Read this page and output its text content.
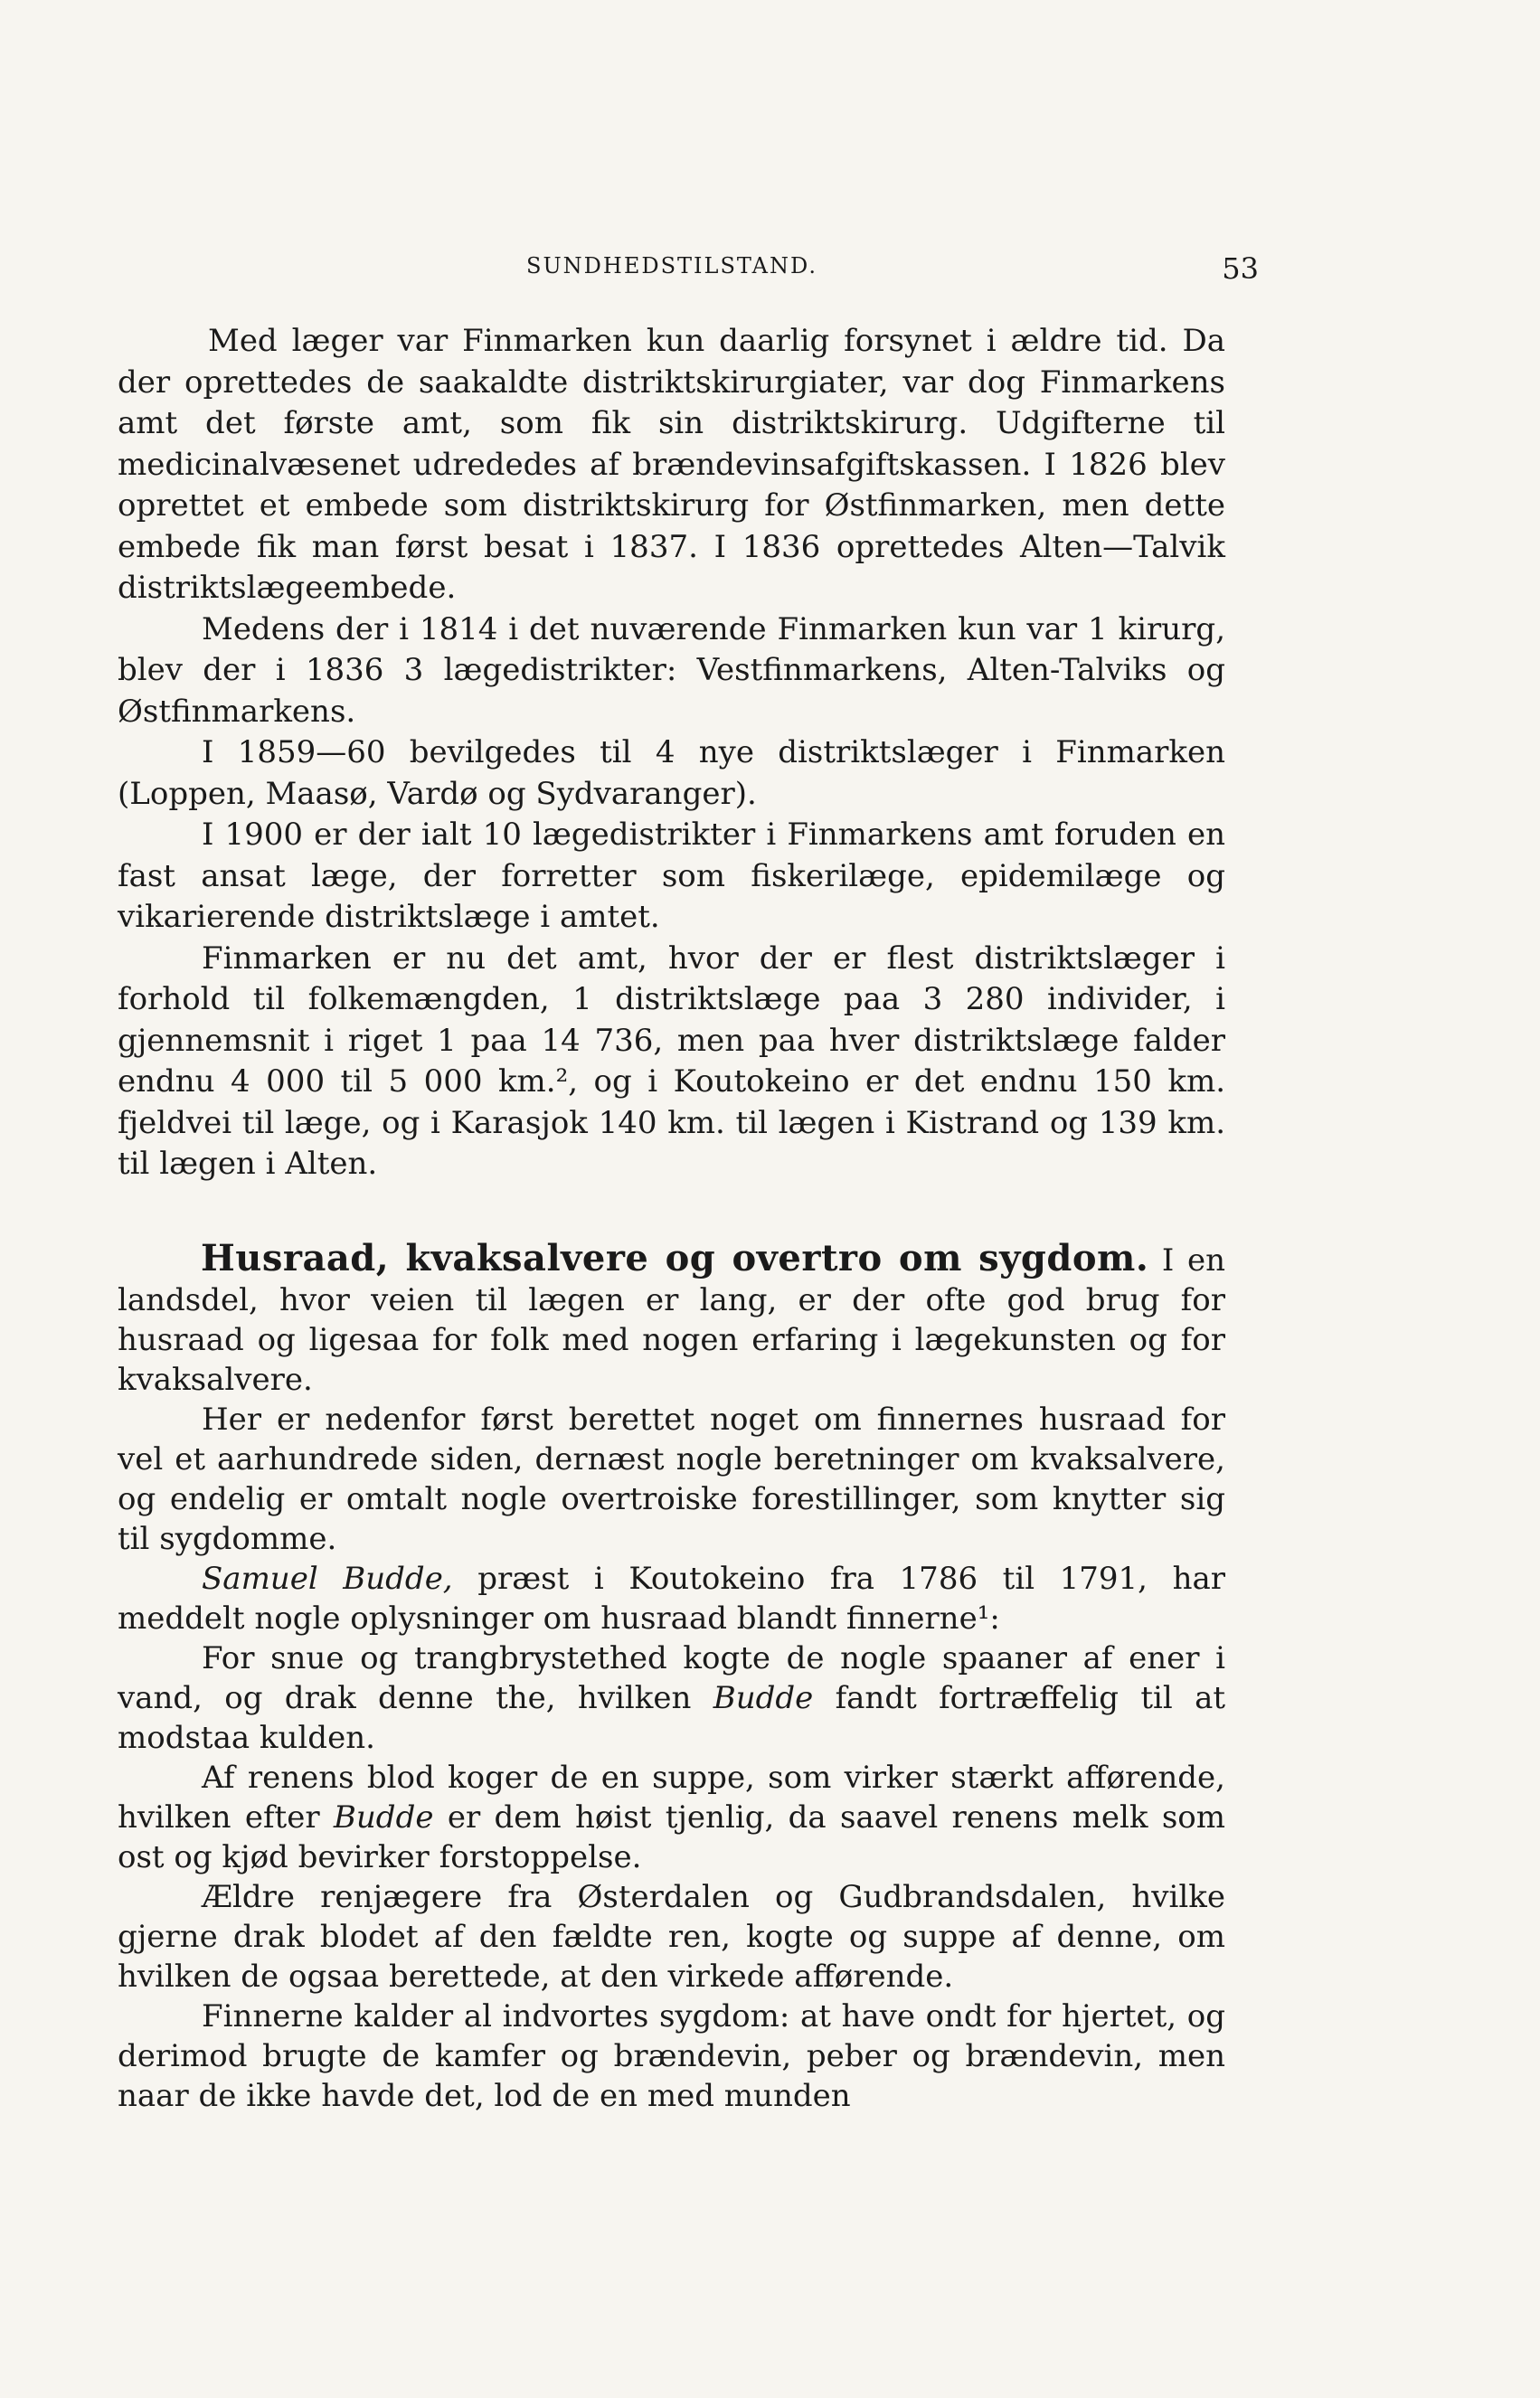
SUNDHEDSTILSTAND.	53

Med læger var Finmarken kun daarlig forsynet i ældre tid. Da der oprettedes de saakaldte distriktskirurgiater, var dog Finmarkens amt det første amt, som fik sin distriktskirurg. Udgifterne til medicinalvæsenet udrededes af brændevinsafgiftskassen. I 1826 blev oprettet et embede som distriktskirurg for Østfinmarken, men dette embede fik man først besat i 1837. I 1836 oprettedes Alten—Talvik distriktslægeembede.

Medens der i 1814 i det nuværende Finmarken kun var 1 kirurg, blev der i 1836 3 lægedistrikter: Vestfinmarkens, Alten-Talviks og Østfinmarkens.

I 1859—60 bevilgedes til 4 nye distriktslæger i Finmarken (Loppen, Maasø, Vardø og Sydvaranger).

I 1900 er der ialt 10 lægedistrikter i Finmarkens amt foruden en fast ansat læge, der forretter som fiskerilæge, epidemilæge og vikarierende distriktslæge i amtet.

Finmarken er nu det amt, hvor der er flest distriktslæger i forhold til folkemængden, 1 distriktslæge paa 3 280 individer, i gjennemsnit i riget 1 paa 14 736, men paa hver distriktslæge falder endnu 4 000 til 5 000 km.², og i Koutokeino er det endnu 150 km. fjeldvei til læge, og i Karasjok 140 km. til lægen i Kistrand og 139 km. til lægen i Alten.

Husraad, kvaksalvere og overtro om sygdom. I en landsdel, hvor veien til lægen er lang, er der ofte god brug for husraad og ligesaa for folk med nogen erfaring i lægekunsten og for kvaksalvere.

Her er nedenfor først berettet noget om finnernes husraad for vel et aarhundrede siden, dernæst nogle beretninger om kvaksalvere, og endelig er omtalt nogle overtroiske forestillinger, som knytter sig til sygdomme.

Samuel Budde, præst i Koutokeino fra 1786 til 1791, har meddelt nogle oplysninger om husraad blandt finnerne¹:

For snue og trangbrystethed kogte de nogle spaaner af ener i vand, og drak denne the, hvilken Budde fandt fortræffelig til at modstaa kulden.

Af renens blod koger de en suppe, som virker stærkt afførende, hvilken efter Budde er dem høist tjenlig, da saavel renens melk som ost og kjød bevirker forstoppelse.

Ældre renjægere fra Østerdalen og Gudbrandsdalen, hvilke gjerne drak blodet af den fældte ren, kogte og suppe af denne, om hvilken de ogsaa berettede, at den virkede afførende.

Finnerne kalder al indvortes sygdom: at have ondt for hjertet, og derimod brugte de kamfer og brændevin, peber og brændevin, men naar de ikke havde det, lod de en med munden
